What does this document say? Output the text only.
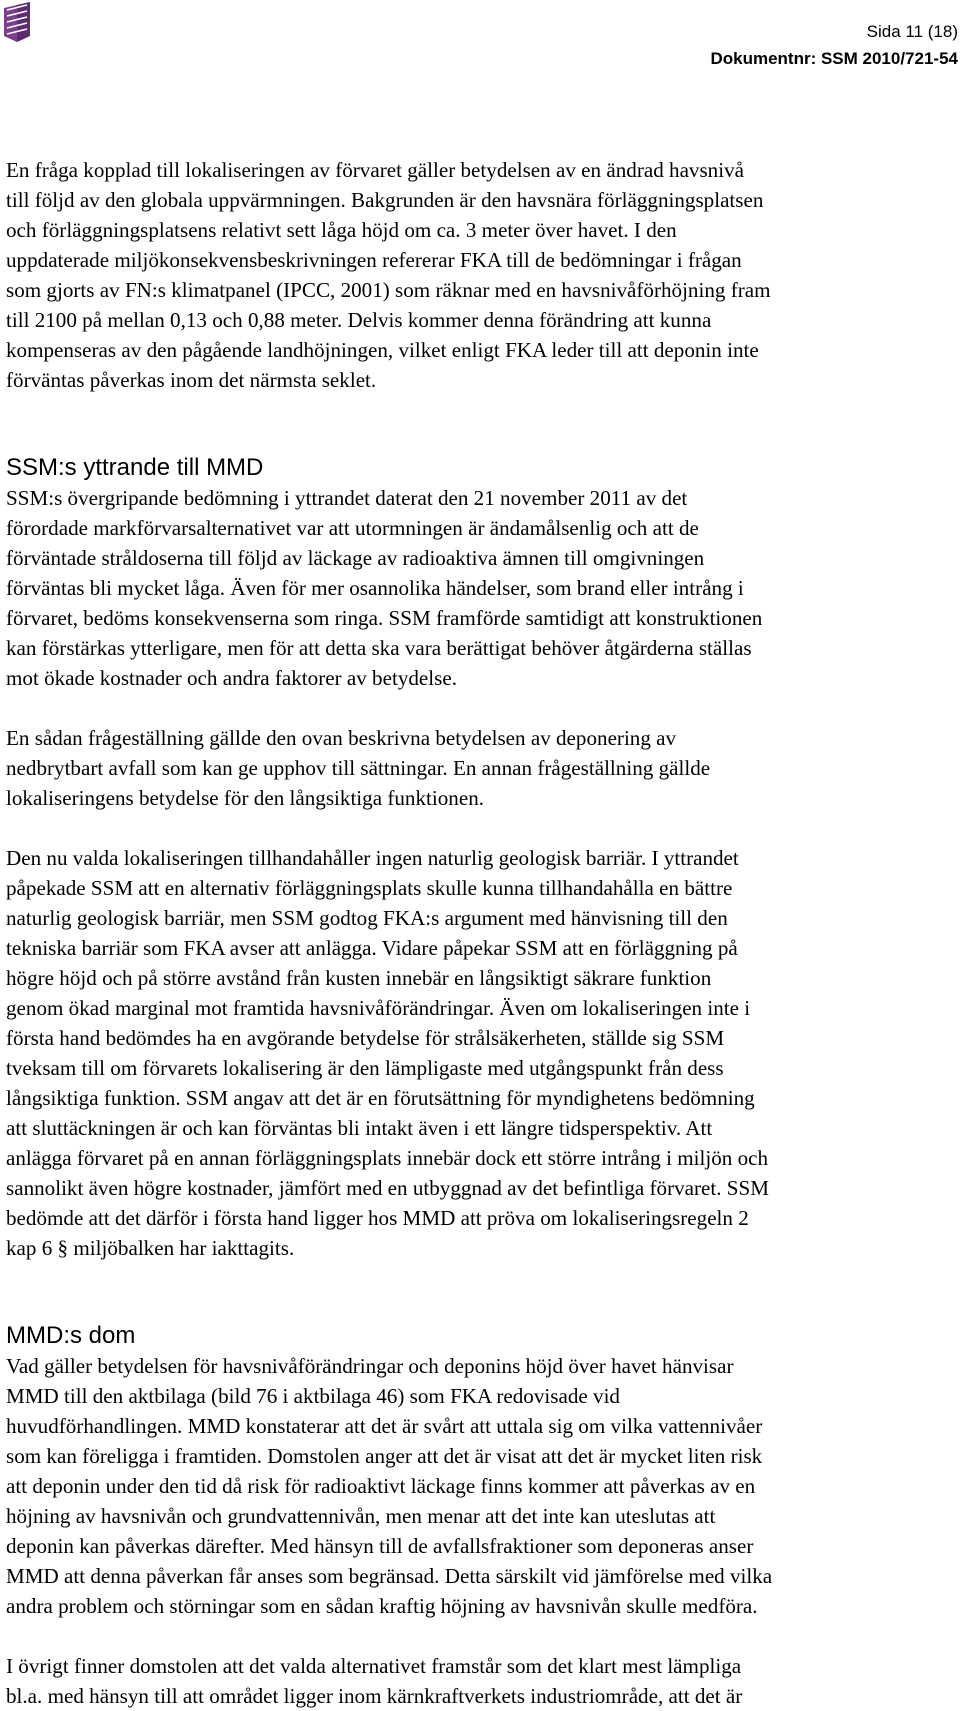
Sida 11 (18)
Dokumentnr: SSM 2010/721-54

En fråga kopplad till lokaliseringen av förvaret gäller betydelsen av en ändrad havsnivå
till följd av den globala uppvärmningen. Bakgrunden är den havsnära förläggningsplatsen
och förläggningsplatsens relativt sett låga höjd om ca. 3 meter över havet. I den
uppdaterade miljökonsekvensbeskrivningen refererar FKA till de bedömningar i frågan
som gjorts av FN:s klimatpanel (IPCC, 2001) som räknar med en havsnivåförhöjning fram
till 2100 på mellan 0,13 och 0,88 meter. Delvis kommer denna förändring att kunna
kompenseras av den pågående landhöjningen, vilket enligt FKA leder till att deponin inte
förväntas påverkas inom det närmsta seklet.

SSM:s yttrande till MMD

SSM:s övergripande bedömning i yttrandet daterat den 21 november 2011 av det
förordade markförvarsalternativet var att utormningen är ändamålsenlig och att de
förväntade stråldoserna till följd av läckage av radioaktiva ämnen till omgivningen
förväntas bli mycket låga. Även för mer osannolika händelser, som brand eller intrång i
förvaret, bedöms konsekvenserna som ringa. SSM framförde samtidigt att konstruktionen
kan förstärkas ytterligare, men för att detta ska vara berättigat behöver åtgärderna ställas
mot ökade kostnader och andra faktorer av betydelse.

En sådan frågeställning gällde den ovan beskrivna betydelsen av deponering av
nedbrytbart avfall som kan ge upphov till sättningar. En annan frågeställning gällde
lokaliseringens betydelse för den långsiktiga funktionen.

Den nu valda lokaliseringen tillhandahåller ingen naturlig geologisk barriär. I yttrandet
påpekade SSM att en alternativ förläggningsplats skulle kunna tillhandahålla en bättre
naturlig geologisk barriär, men SSM godtog FKA:s argument med hänvisning till den
tekniska barriär som FKA avser att anlägga. Vidare påpekar SSM att en förläggning på
högre höjd och på större avstånd från kusten innebär en långsiktigt säkrare funktion
genom ökad marginal mot framtida havsnivåförändringar. Även om lokaliseringen inte i
första hand bedömdes ha en avgörande betydelse för strålsäkerheten, ställde sig SSM
tveksam till om förvarets lokalisering är den lämpligaste med utgångspunkt från dess
långsiktiga funktion. SSM angav att det är en förutsättning för myndighetens bedömning
att sluttäckningen är och kan förväntas bli intakt även i ett längre tidsperspektiv. Att
anlägga förvaret på en annan förläggningsplats innebär dock ett större intrång i miljön och
sannolikt även högre kostnader, jämfört med en utbyggnad av det befintliga förvaret. SSM
bedömde att det därför i första hand ligger hos MMD att pröva om lokaliseringsregeln 2
kap 6 § miljöbalken har iakttagits.

MMD:s dom

Vad gäller betydelsen för havsnivåförändringar och deponins höjd över havet hänvisar
MMD till den aktbilaga (bild 76 i aktbilaga 46) som FKA redovisade vid
huvudförhandlingen. MMD konstaterar att det är svårt att uttala sig om vilka vattennivåer
som kan föreligga i framtiden. Domstolen anger att det är visat att det är mycket liten risk
att deponin under den tid då risk för radioaktivt läckage finns kommer att påverkas av en
höjning av havsnivån och grundvattennivån, men menar att det inte kan uteslutas att
deponin kan påverkas därefter. Med hänsyn till de avfallsfraktioner som deponeras anser
MMD att denna påverkan får anses som begränsad. Detta särskilt vid jämförelse med vilka
andra problem och störningar som en sådan kraftig höjning av havsnivån skulle medföra.

I övrigt finner domstolen att det valda alternativet framstår som det klart mest lämpliga
bl.a. med hänsyn till att området ligger inom kärnkraftverkets industriområde, att det är
